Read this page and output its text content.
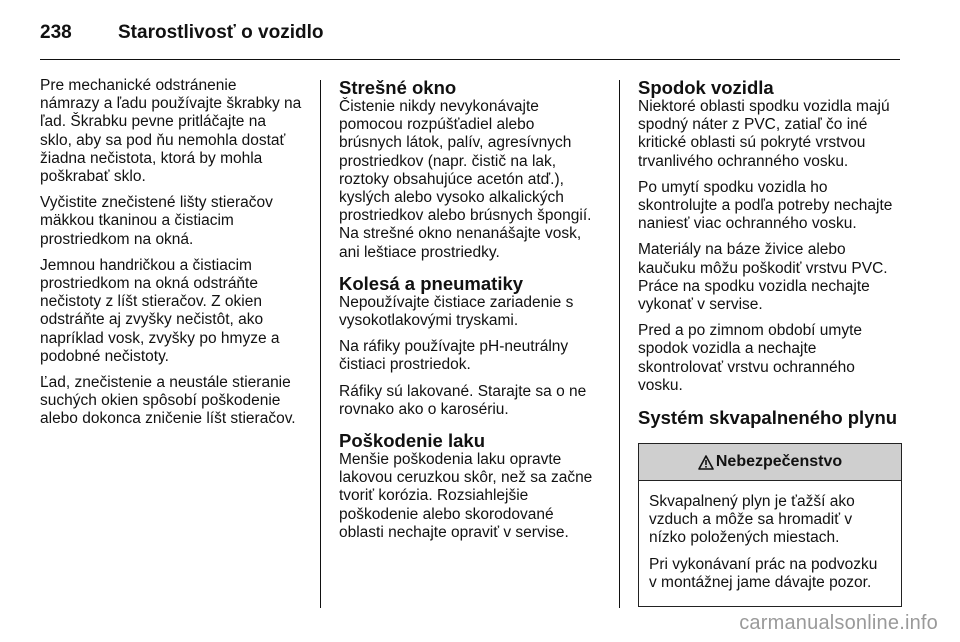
238 Starostlivosť o vozidlo

Pre mechanické odstránenie
námrazy a ľadu používajte škrabky na
ľad. Škrabku pevne pritláčajte na
sklo, aby sa pod ňu nemohla dostať
žiadna nečistota, ktorá by mohla
poškrabať sklo.

Vyčistite znečistené lišty stieračov
mäkkou tkaninou a čistiacim
prostriedkom na okná.

Jemnou handričkou a čistiacim
prostriedkom na okná odstráňte
nečistoty z líšt stieračov. Z okien
odstráňte aj zvyšky nečistôt, ako
napríklad vosk, zvyšky po hmyze a
podobné nečistoty.

Ľad, znečistenie a neustále stieranie
suchých okien spôsobí poškodenie
alebo dokonca zničenie líšt stieračov.

Strešné okno

Čistenie nikdy nevykonávajte
pomocou rozpúšťadiel alebo
brúsnych látok, palív, agresívnych
prostriedkov (napr. čistič na lak,
roztoky obsahujúce acetón atď.),
kyslých alebo vysoko alkalických
prostriedkov alebo brúsnych špongií.
Na strešné okno nenanášajte vosk,
ani leštiace prostriedky.

Kolesá a pneumatiky

Nepoužívajte čistiace zariadenie s
vysokotlakovými tryskami.

Na ráfiky používajte pH-neutrálny
čistiaci prostriedok.

Ráfiky sú lakované. Starajte sa o ne
rovnako ako o karosériu.

Poškodenie laku

Menšie poškodenia laku opravte
lakovou ceruzkou skôr, než sa začne
tvoriť korózia. Rozsiahlejšie
poškodenie alebo skorodované
oblasti nechajte opraviť v servise.

Spodok vozidla

Niektoré oblasti spodku vozidla majú
spodný náter z PVC, zatiaľ čo iné
kritické oblasti sú pokryté vrstvou
trvanlivého ochranného vosku.

Po umytí spodku vozidla ho
skontrolujte a podľa potreby nechajte
naniesť viac ochranného vosku.

Materiály na báze živice alebo
kaučuku môžu poškodiť vrstvu PVC.
Práce na spodku vozidla nechajte
vykonať v servise.

Pred a po zimnom období umyte
spodok vozidla a nechajte
skontrolovať vrstvu ochranného
vosku.

Systém skvapalneného plynu
Nebezpečenstvo

Skvapalnený plyn je ťažší ako
vzduch a môže sa hromadiť v
nízko položených miestach.

Pri vykonávaní prác na podvozku
v montážnej jame dávajte pozor.

carmanualsonline.info
